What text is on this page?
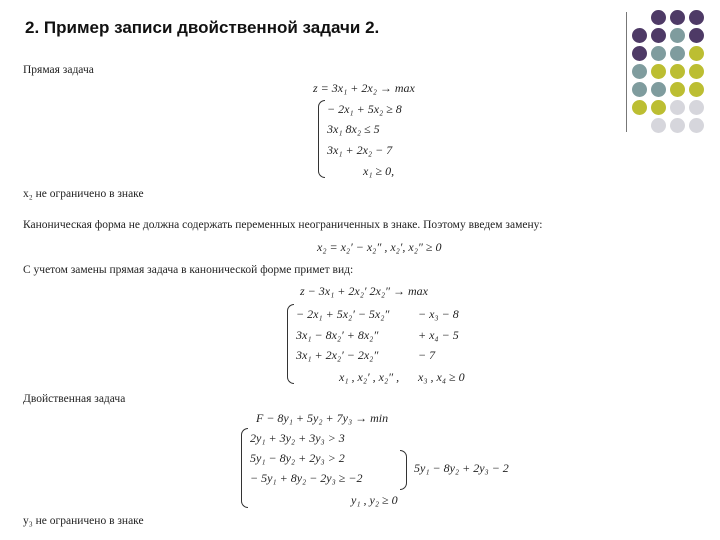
2. Пример записи двойственной задачи 2.
Прямая задача
z = 3x₁ + 2x₂ → max
− 2x₁ + 5x₂ ≥ 8
3x₁ 8x₂ ≤ 5
3x₁ + 2x₂ − 7
x₁ ≥ 0,
x₂ не ограничено в знаке
Каноническая форма не должна содержать переменных неограниченных в знаке. Поэтому введем замену:
x₂ = x₂′ − x₂″ , x₂′, x₂″ ≥ 0
С учетом замены прямая задача в канонической форме примет вид:
z − 3x₁ + 2x₂′ 2x₂″ → max
− 2x₁ + 5x₂′ − 5x₂″ − x₃ − 8
3x₁ − 8x₂′ + 8x₂″	+ x₄ − 5
3x₁ + 2x₂′ − 2x₂″	− 7
x₁ , x₂′ , x₂″ , x₃ , x₄ ≥ 0
Двойственная задача
F − 8y₁ + 5y₂ + 7y₃ → min
2y₁ + 3y₂ + 3y₃ > 3
5y₁ − 8y₂ + 2y₃ > 2
− 5y₁ + 8y₂ − 2y₃ ≥ −2
5y₁ − 8y₂ + 2y₃ − 2
y₁ , y₂ ≥ 0
y₃ не ограничено в знаке
